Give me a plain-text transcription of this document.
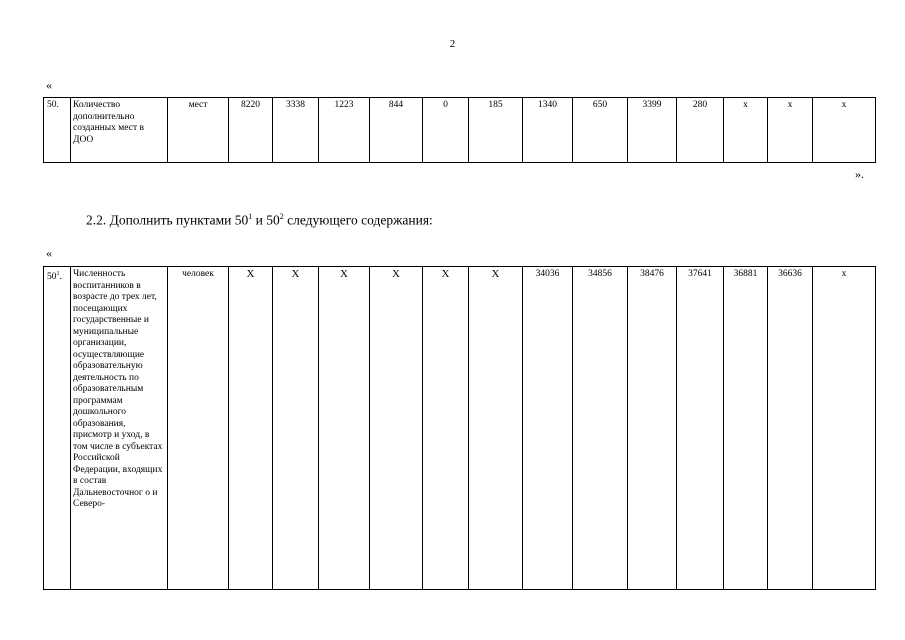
2
«
50.	Количество дополнительно созданных мест в ДОО	мест	8220	3338	1223	844	0	185	1340	650	3399	280	х	х	х
».
2.2. Дополнить пунктами $50^1$ и $50^2$ следующего содержания:
«
$50^1$.	Численность воспитанников в возрасте до трех лет, посещающих государственные и муниципальные организации, осуществляющие образовательную деятельность по образовательным программам дошкольного образования, присмотр и уход, в том числе в субъектах Российской Федерации, входящих в состав Дальневосточног о и Северо-	человек	Х	Х	Х	Х	Х	Х	34036	34856	38476	37641	36881	36636	х
